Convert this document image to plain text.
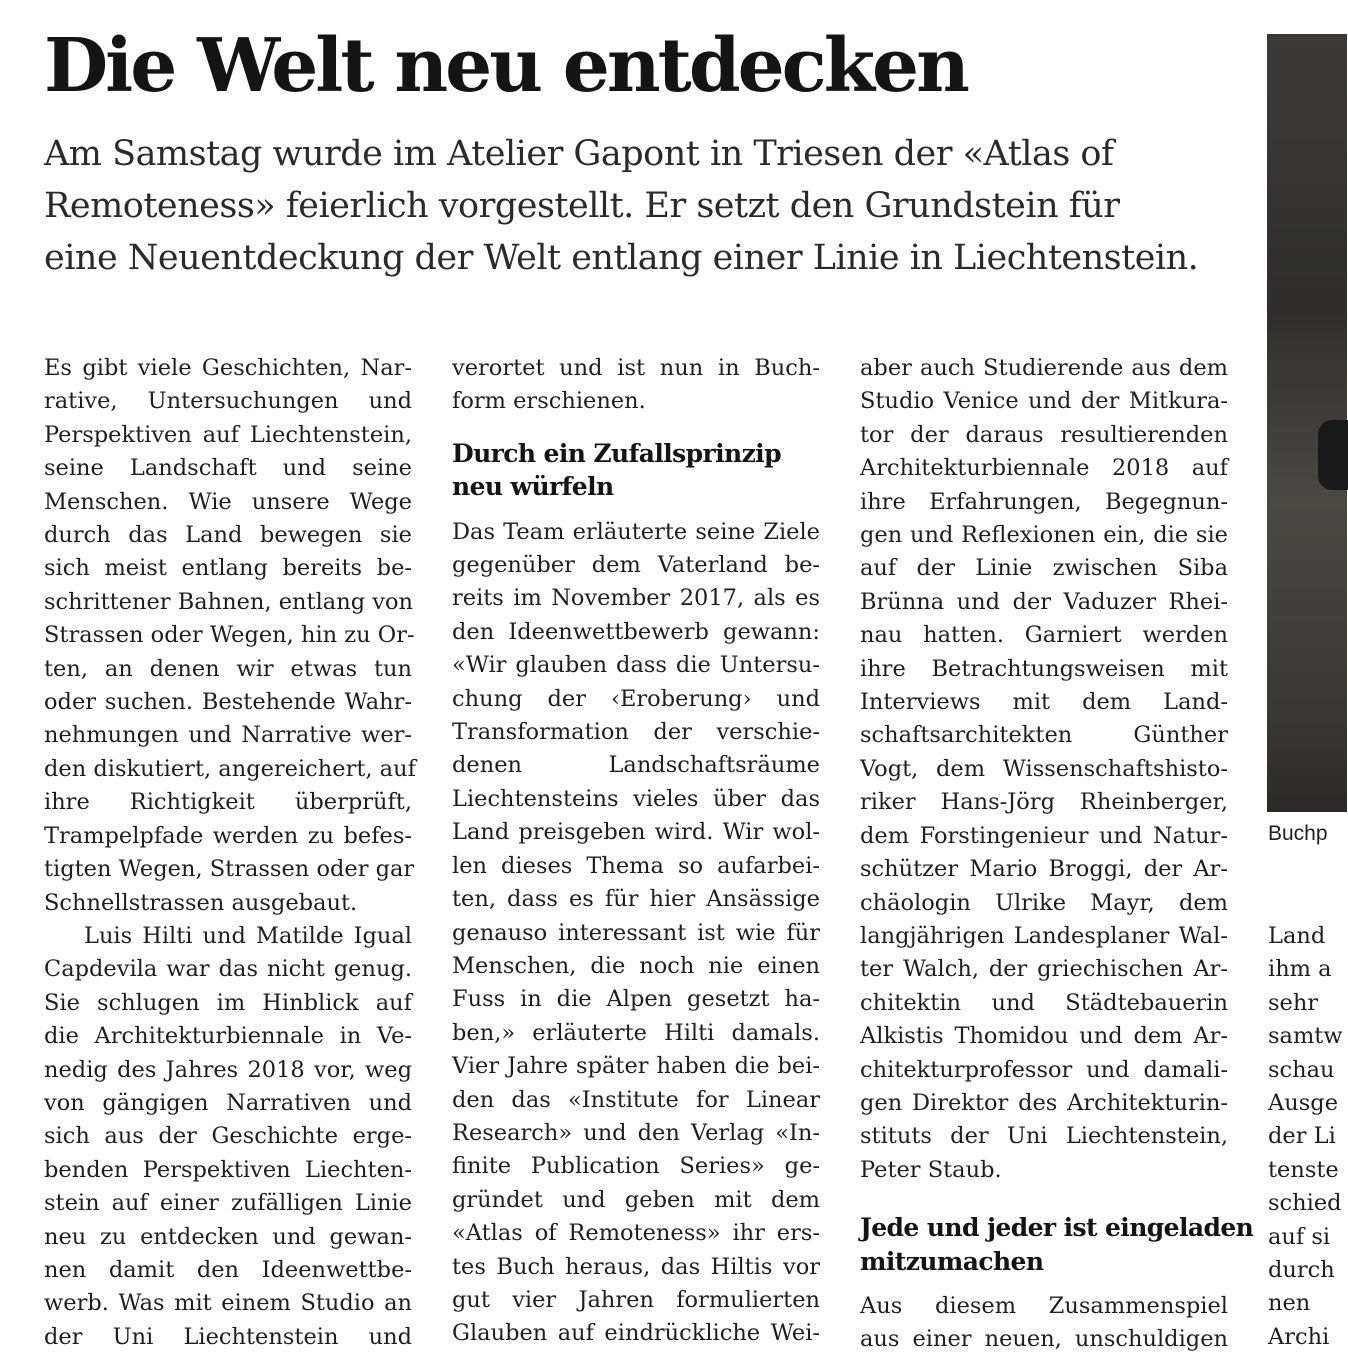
Die Welt neu entdecken

Am Samstag wurde im Atelier Gapont in Triesen der «Atlas of
Remoteness» feierlich vorgestellt. Er setzt den Grundstein für
eine Neuentdeckung der Welt entlang einer Linie in Liechtenstein.

Es gibt viele Geschichten, Nar-
rative, Untersuchungen und
Perspektiven auf Liechtenstein,
seine Landschaft und seine
Menschen. Wie unsere Wege
durch das Land bewegen sie
sich meist entlang bereits be-
schrittener Bahnen, entlang von
Strassen oder Wegen, hin zu Or-
ten, an denen wir etwas tun
oder suchen. Bestehende Wahr-
nehmungen und Narrative wer-
den diskutiert, angereichert, auf
ihre Richtigkeit überprüft,
Trampelpfade werden zu befes-
tigten Wegen, Strassen oder gar
Schnellstrassen ausgebaut.
Luis Hilti und Matilde Igual
Capdevila war das nicht genug.
Sie schlugen im Hinblick auf
die Architekturbiennale in Ve-
nedig des Jahres 2018 vor, weg
von gängigen Narrativen und
sich aus der Geschichte erge-
benden Perspektiven Liechten-
stein auf einer zufälligen Linie
neu zu entdecken und gewan-
nen damit den Ideenwettbe-
werb. Was mit einem Studio an
der Uni Liechtenstein und
verortet und ist nun in Buch-
form erschienen.
Durch ein Zufallsprinzip
neu würfeln
Das Team erläuterte seine Ziele
gegenüber dem Vaterland be-
reits im November 2017, als es
den Ideenwettbewerb gewann:
«Wir glauben dass die Untersu-
chung der ‹Eroberung› und
Transformation der verschie-
denen Landschaftsräume
Liechtensteins vieles über das
Land preisgeben wird. Wir wol-
len dieses Thema so aufarbei-
ten, dass es für hier Ansässige
genauso interessant ist wie für
Menschen, die noch nie einen
Fuss in die Alpen gesetzt ha-
ben,» erläuterte Hilti damals.
Vier Jahre später haben die bei-
den das «Institute for Linear
Research» und den Verlag «In-
finite Publication Series» ge-
gründet und geben mit dem
«Atlas of Remoteness» ihr ers-
tes Buch heraus, das Hiltis vor
gut vier Jahren formulierten
Glauben auf eindrückliche Wei-
aber auch Studierende aus dem
Studio Venice und der Mitkura-
tor der daraus resultierenden
Architekturbiennale 2018 auf
ihre Erfahrungen, Begegnun-
gen und Reflexionen ein, die sie
auf der Linie zwischen Siba
Brünna und der Vaduzer Rhei-
nau hatten. Garniert werden
ihre Betrachtungsweisen mit
Interviews mit dem Land-
schaftsarchitekten Günther
Vogt, dem Wissenschaftshisto-
riker Hans-Jörg Rheinberger,
dem Forstingenieur und Natur-
schützer Mario Broggi, der Ar-
chäologin Ulrike Mayr, dem
langjährigen Landesplaner Wal-
ter Walch, der griechischen Ar-
chitektin und Städtebauerin
Alkistis Thomidou und dem Ar-
chitekturprofessor und damali-
gen Direktor des Architekturin-
stituts der Uni Liechtenstein,
Peter Staub.
Jede und jeder ist eingeladen
mitzumachen
Aus diesem Zusammenspiel
aus einer neuen, unschuldigen
Buchp
Land
ihm a
sehr
samtw
schau
Ausge
der Li
tenste
schied
auf si
durch
nen
Archi
